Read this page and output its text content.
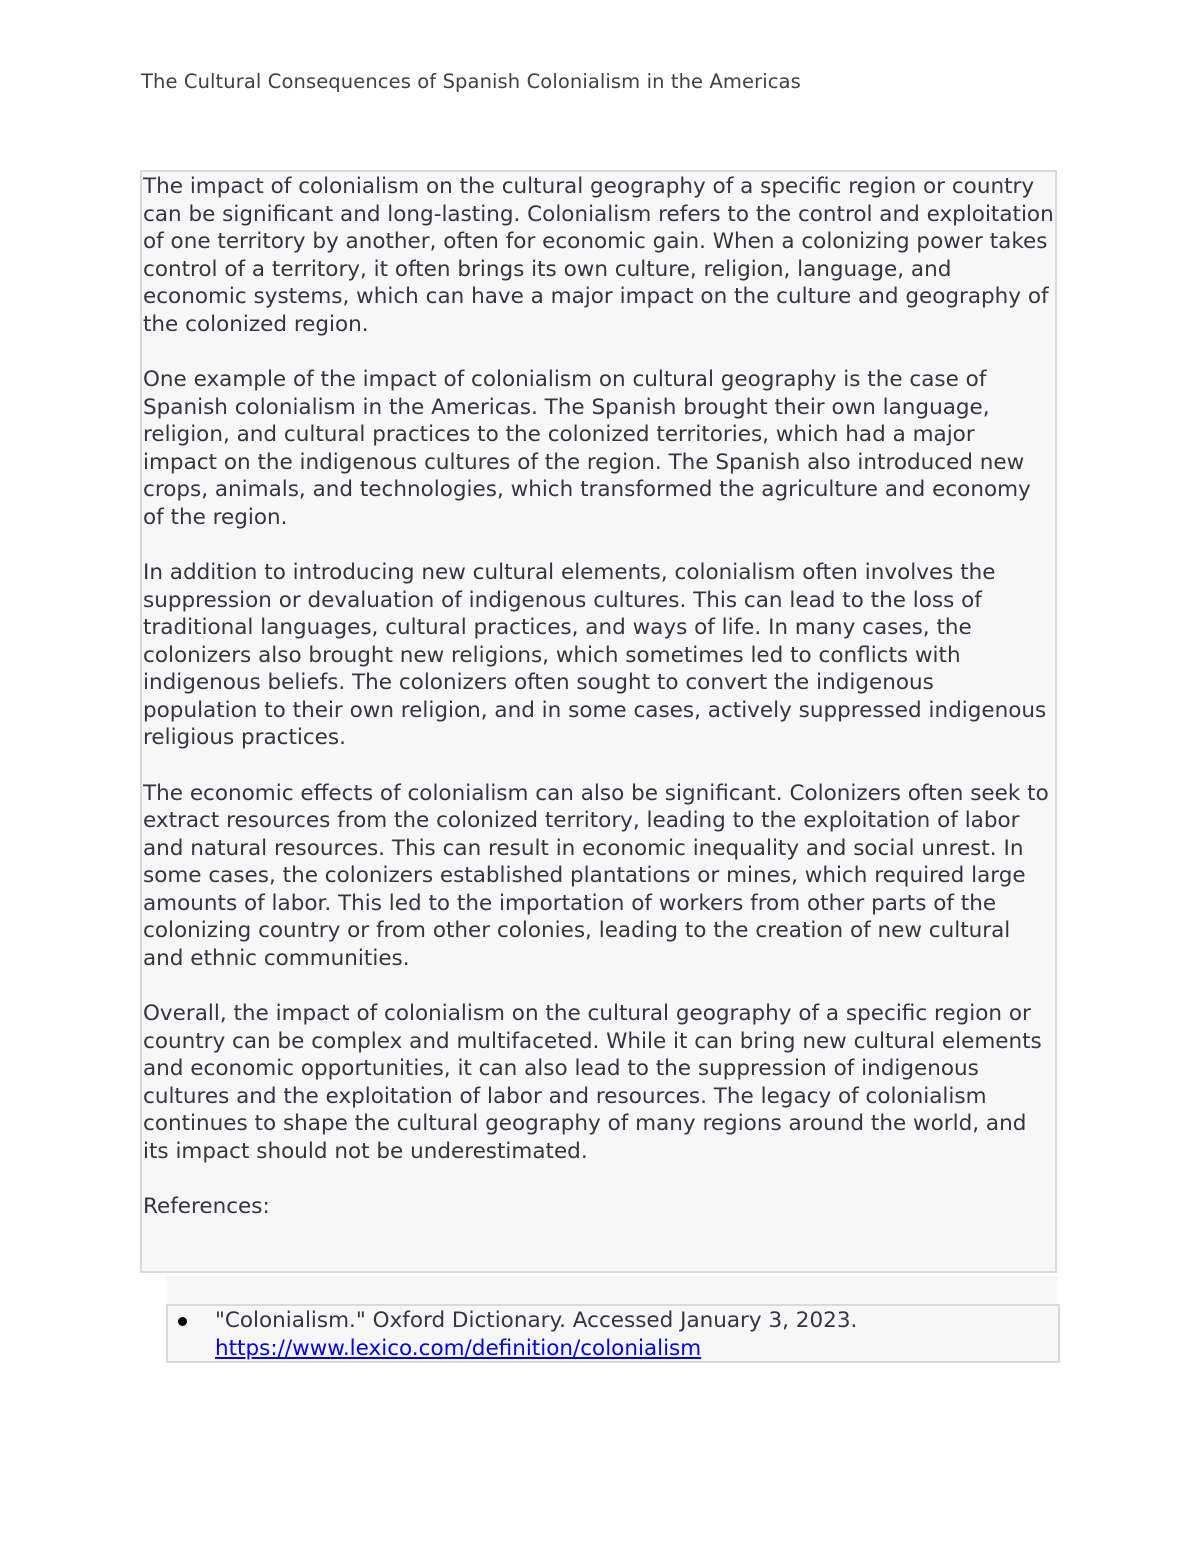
The Cultural Consequences of Spanish Colonialism in the Americas

The impact of colonialism on the cultural geography of a specific region or country can be significant and long-lasting. Colonialism refers to the control and exploitation of one territory by another, often for economic gain. When a colonizing power takes control of a territory, it often brings its own culture, religion, language, and economic systems, which can have a major impact on the culture and geography of the colonized region.

One example of the impact of colonialism on cultural geography is the case of Spanish colonialism in the Americas. The Spanish brought their own language, religion, and cultural practices to the colonized territories, which had a major impact on the indigenous cultures of the region. The Spanish also introduced new crops, animals, and technologies, which transformed the agriculture and economy of the region.

In addition to introducing new cultural elements, colonialism often involves the suppression or devaluation of indigenous cultures. This can lead to the loss of traditional languages, cultural practices, and ways of life. In many cases, the colonizers also brought new religions, which sometimes led to conflicts with indigenous beliefs. The colonizers often sought to convert the indigenous population to their own religion, and in some cases, actively suppressed indigenous religious practices.

The economic effects of colonialism can also be significant. Colonizers often seek to extract resources from the colonized territory, leading to the exploitation of labor and natural resources. This can result in economic inequality and social unrest. In some cases, the colonizers established plantations or mines, which required large amounts of labor. This led to the importation of workers from other parts of the colonizing country or from other colonies, leading to the creation of new cultural and ethnic communities.

Overall, the impact of colonialism on the cultural geography of a specific region or country can be complex and multifaceted. While it can bring new cultural elements and economic opportunities, it can also lead to the suppression of indigenous cultures and the exploitation of labor and resources. The legacy of colonialism continues to shape the cultural geography of many regions around the world, and its impact should not be underestimated.

References:

"Colonialism." Oxford Dictionary. Accessed January 3, 2023.
https://www.lexico.com/definition/colonialism
